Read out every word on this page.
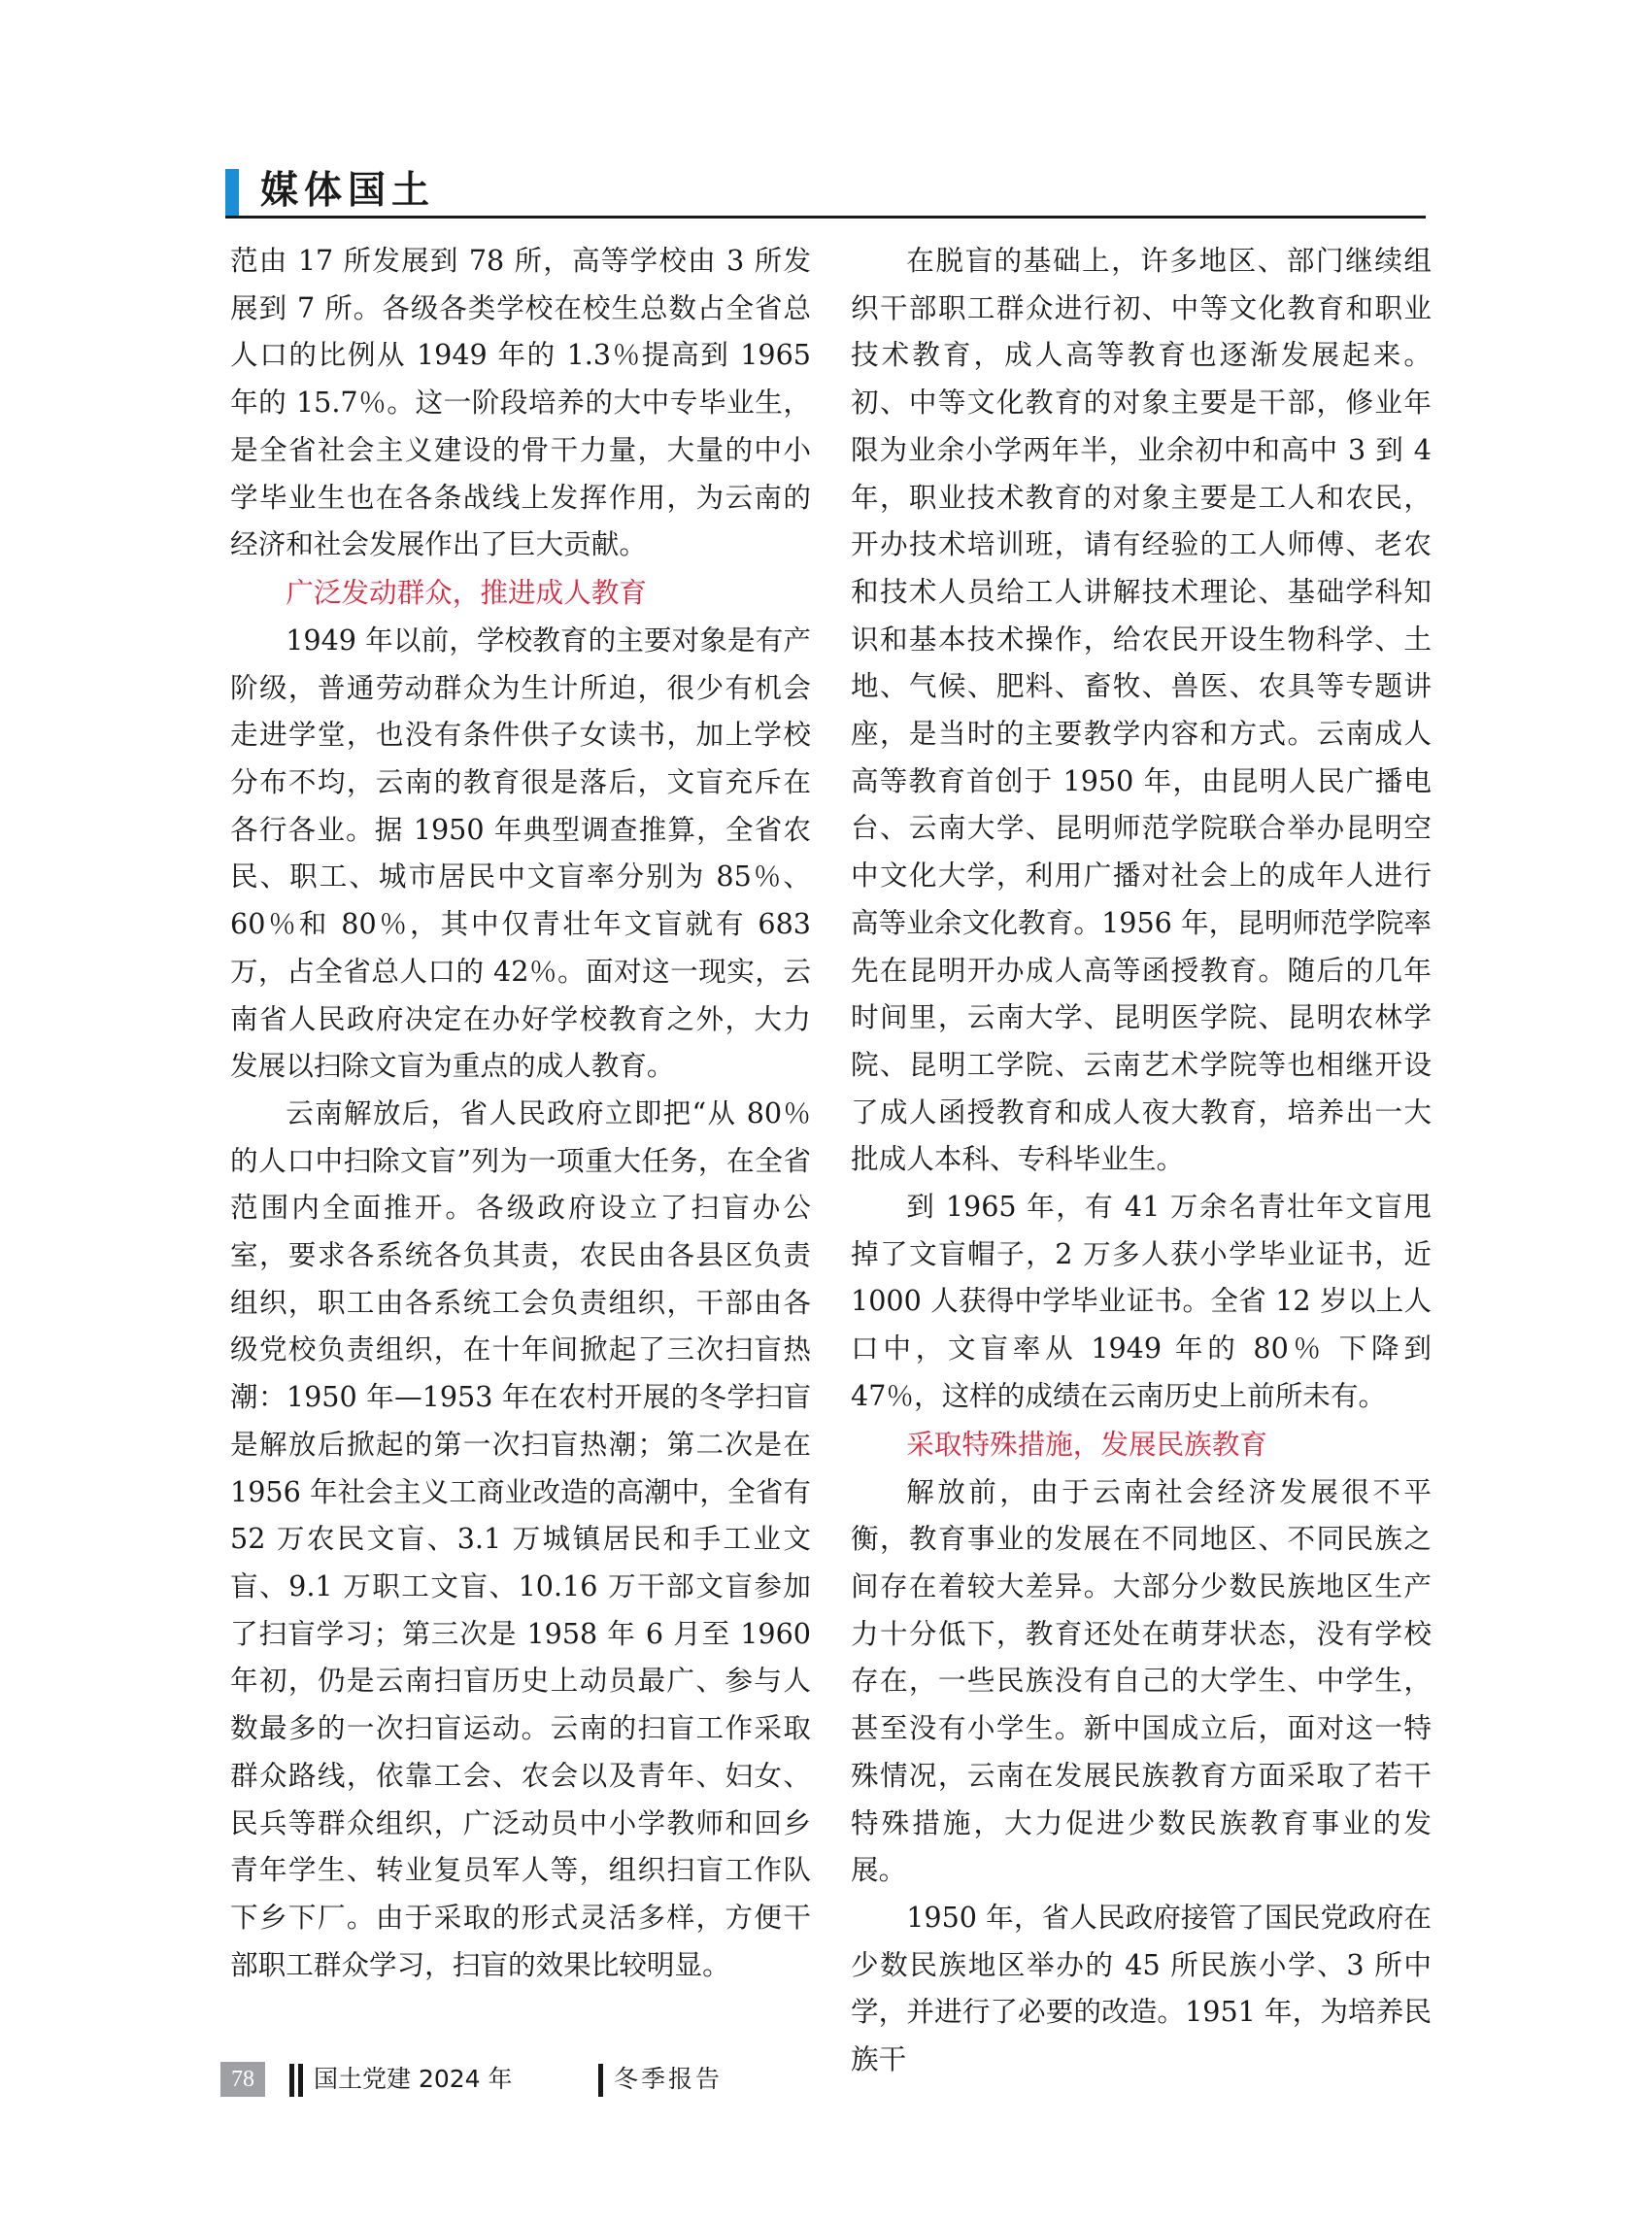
媒体国土

范由 17 所发展到 78 所，高等学校由 3 所发展到 7 所。各级各类学校在校生总数占全省总人口的比例从 1949 年的 1.3％提高到 1965 年的 15.7％。这一阶段培养的大中专毕业生，是全省社会主义建设的骨干力量，大量的中小学毕业生也在各条战线上发挥作用，为云南的经济和社会发展作出了巨大贡献。

广泛发动群众，推进成人教育

1949 年以前，学校教育的主要对象是有产阶级，普通劳动群众为生计所迫，很少有机会走进学堂，也没有条件供子女读书，加上学校分布不均，云南的教育很是落后，文盲充斥在各行各业。据 1950 年典型调查推算，全省农民、职工、城市居民中文盲率分别为 85％、60％和 80％，其中仅青壮年文盲就有 683 万，占全省总人口的 42％。面对这一现实，云南省人民政府决定在办好学校教育之外，大力发展以扫除文盲为重点的成人教育。

云南解放后，省人民政府立即把“从 80％的人口中扫除文盲”列为一项重大任务，在全省范围内全面推开。各级政府设立了扫盲办公室，要求各系统各负其责，农民由各县区负责组织，职工由各系统工会负责组织，干部由各级党校负责组织，在十年间掀起了三次扫盲热潮：1950 年—1953 年在农村开展的冬学扫盲是解放后掀起的第一次扫盲热潮；第二次是在 1956 年社会主义工商业改造的高潮中，全省有 52 万农民文盲、3.1 万城镇居民和手工业文盲、9.1 万职工文盲、10.16 万干部文盲参加了扫盲学习；第三次是 1958 年 6 月至 1960 年初，仍是云南扫盲历史上动员最广、参与人数最多的一次扫盲运动。云南的扫盲工作采取群众路线，依靠工会、农会以及青年、妇女、民兵等群众组织，广泛动员中小学教师和回乡青年学生、转业复员军人等，组织扫盲工作队下乡下厂。由于采取的形式灵活多样，方便干部职工群众学习，扫盲的效果比较明显。

在脱盲的基础上，许多地区、部门继续组织干部职工群众进行初、中等文化教育和职业技术教育，成人高等教育也逐渐发展起来。初、中等文化教育的对象主要是干部，修业年限为业余小学两年半，业余初中和高中 3 到 4 年，职业技术教育的对象主要是工人和农民，开办技术培训班，请有经验的工人师傅、老农和技术人员给工人讲解技术理论、基础学科知识和基本技术操作，给农民开设生物科学、土地、气候、肥料、畜牧、兽医、农具等专题讲座，是当时的主要教学内容和方式。云南成人高等教育首创于 1950 年，由昆明人民广播电台、云南大学、昆明师范学院联合举办昆明空中文化大学，利用广播对社会上的成年人进行高等业余文化教育。1956 年，昆明师范学院率先在昆明开办成人高等函授教育。随后的几年时间里，云南大学、昆明医学院、昆明农林学院、昆明工学院、云南艺术学院等也相继开设了成人函授教育和成人夜大教育，培养出一大批成人本科、专科毕业生。

到 1965 年，有 41 万余名青壮年文盲甩掉了文盲帽子，2 万多人获小学毕业证书，近 1000 人获得中学毕业证书。全省 12 岁以上人口中，文盲率从 1949 年的 80％ 下降到 47％，这样的成绩在云南历史上前所未有。

采取特殊措施，发展民族教育

解放前，由于云南社会经济发展很不平衡，教育事业的发展在不同地区、不同民族之间存在着较大差异。大部分少数民族地区生产力十分低下，教育还处在萌芽状态，没有学校存在，一些民族没有自己的大学生、中学生，甚至没有小学生。新中国成立后，面对这一特殊情况，云南在发展民族教育方面采取了若干特殊措施，大力促进少数民族教育事业的发展。

1950 年，省人民政府接管了国民党政府在少数民族地区举办的 45 所民族小学、3 所中学，并进行了必要的改造。1951 年，为培养民族干

78	国土党建 2024 年	冬季报告
